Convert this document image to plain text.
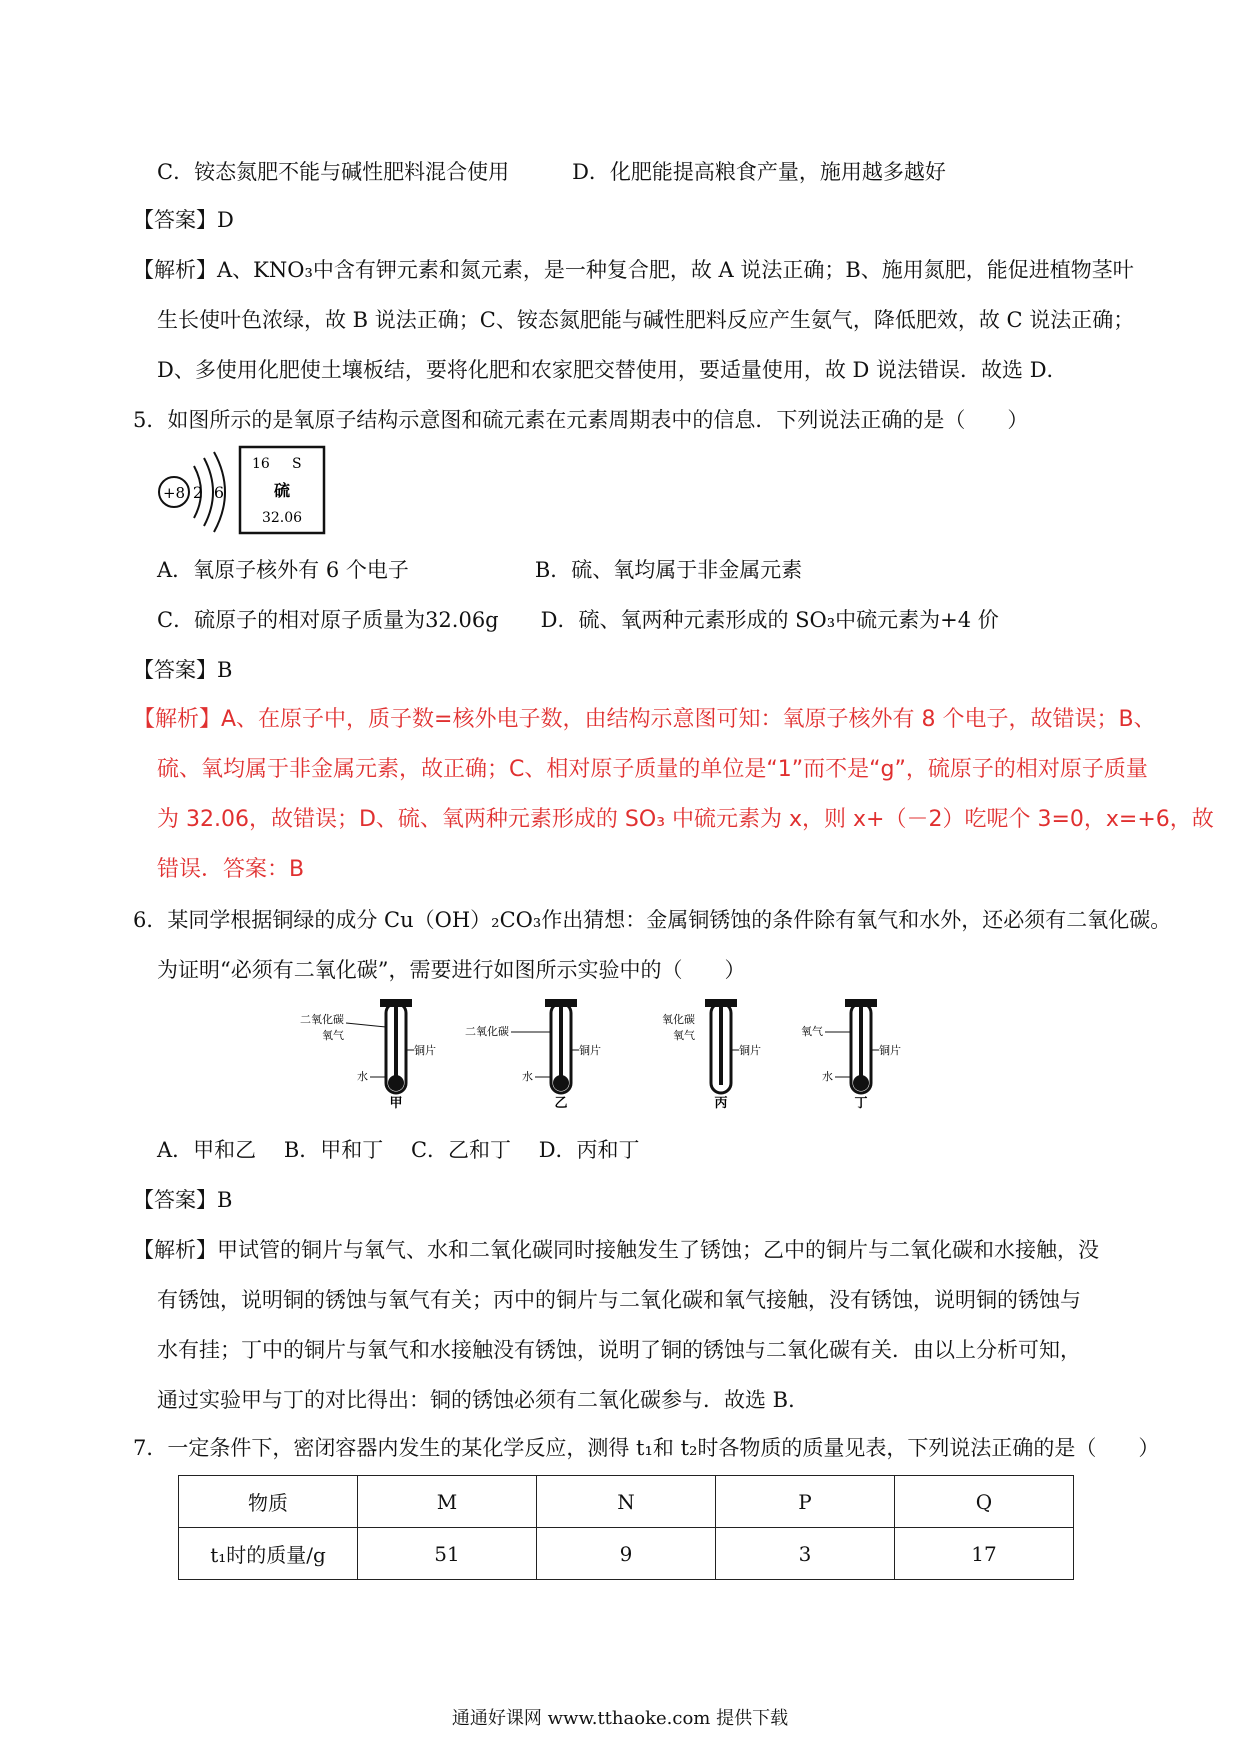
C．铵态氮肥不能与碱性肥料混合使用　　　D．化肥能提高粮食产量，施用越多越好
【答案】D
【解析】A、KNO₃中含有钾元素和氮元素，是一种复合肥，故 A 说法正确；B、施用氮肥，能促进植物茎叶
生长使叶色浓绿，故 B 说法正确；C、铵态氮肥能与碱性肥料反应产生氨气，降低肥效，故 C 说法正确；
D、多使用化肥使土壤板结，要将化肥和农家肥交替使用，要适量使用，故 D 说法错误．故选 D．
5．如图所示的是氧原子结构示意图和硫元素在元素周期表中的信息．下列说法正确的是（　　）
+8 2 6
16 S
硫
32.06
A．氧原子核外有 6 个电子　　　　　　B．硫、氧均属于非金属元素
C．硫原子的相对原子质量为32.06g　　D．硫、氧两种元素形成的 SO₃中硫元素为+4 价
【答案】B
【解析】A、在原子中，质子数=核外电子数，由结构示意图可知：氧原子核外有 8 个电子，故错误；B、
硫、氧均属于非金属元素，故正确；C、相对原子质量的单位是“1”而不是“g”，硫原子的相对原子质量
为 32.06，故错误；D、硫、氧两种元素形成的 SO₃ 中硫元素为 x，则 x+（－2）吃呢个 3=0，x=+6，故
错误．答案：B
6．某同学根据铜绿的成分 Cu（OH）₂CO₃作出猜想：金属铜锈蚀的条件除有氧气和水外，还必须有二氧化碳。
为证明“必须有二氧化碳”，需要进行如图所示实验中的（　　）
二氧化碳
氧气
铜片
水
甲
二氧化碳
铜片
水
乙
氧化碳
氧气
铜片
丙
氧气
铜片
水
丁
A．甲和乙　 B．甲和丁　 C．乙和丁　 D．丙和丁
【答案】B
【解析】甲试管的铜片与氧气、水和二氧化碳同时接触发生了锈蚀；乙中的铜片与二氧化碳和水接触，没
有锈蚀，说明铜的锈蚀与氧气有关；丙中的铜片与二氧化碳和氧气接触，没有锈蚀，说明铜的锈蚀与
水有挂；丁中的铜片与氧气和水接触没有锈蚀，说明了铜的锈蚀与二氧化碳有关．由以上分析可知，
通过实验甲与丁的对比得出：铜的锈蚀必须有二氧化碳参与．故选 B．
7．一定条件下，密闭容器内发生的某化学反应，测得 t₁和 t₂时各物质的质量见表，下列说法正确的是（　　）
物质	M	N	P	Q
t₁时的质量/g	51	9	3	17
通通好课网 www.tthaoke.com 提供下载
